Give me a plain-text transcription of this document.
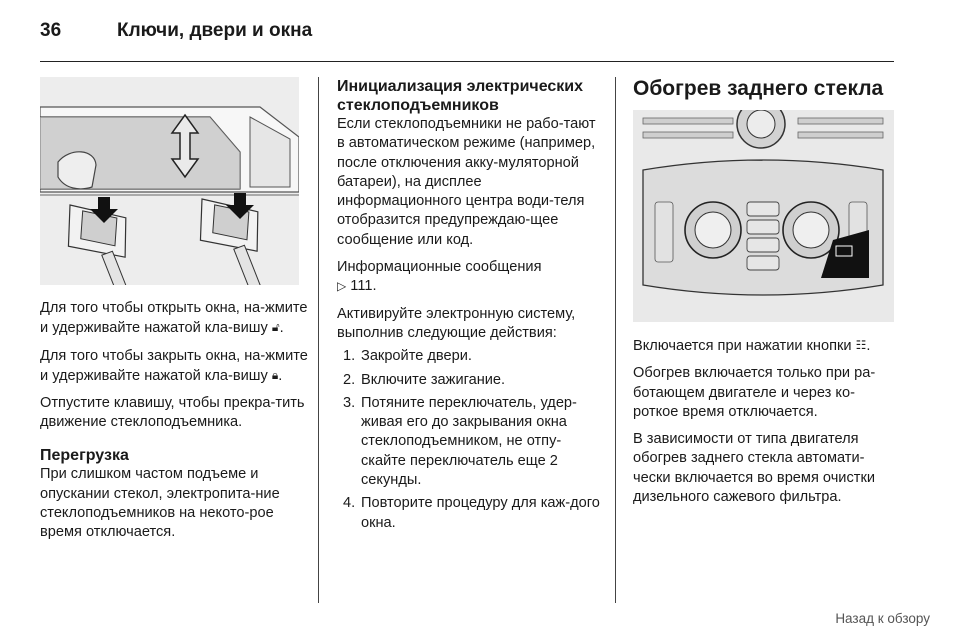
36	Ключи, двери и окна

Для того чтобы открыть окна, на-жмите и удерживайте нажатой кла-вишу 🔓︎.

Для того чтобы закрыть окна, на-жмите и удерживайте нажатой кла-вишу 🔒︎.

Отпустите клавишу, чтобы прекра-тить движение стеклоподъемника.

Перегрузка

При слишком частом подъеме и опускании стекол, электропита-ние стеклоподъемников на некото-рое время отключается.

Инициализация электрических стеклоподъемников

Если стеклоподъемники не рабо-тают в автоматическом режиме (например, после отключения акку-муляторной батареи), на дисплее информационного центра води-теля отобразится предупреждаю-щее сообщение или код.

Информационные сообщения
▷ 111.

Активируйте электронную систему, выполнив следующие действия:

1. Закройте двери.
2. Включите зажигание.
3. Потяните переключатель, удер-живая его до закрывания окна стеклоподъемником, не отпу-скайте переключатель еще 2 секунды.
4. Повторите процедуру для каж-дого окна.
Обогрев заднего стекла

Включается при нажатии кнопки ☷.

Обогрев включается только при ра-ботающем двигателе и через ко-роткое время отключается.

В зависимости от типа двигателя обогрев заднего стекла автомати-чески включается во время очистки дизельного сажевого фильтра.

Назад к обзору
